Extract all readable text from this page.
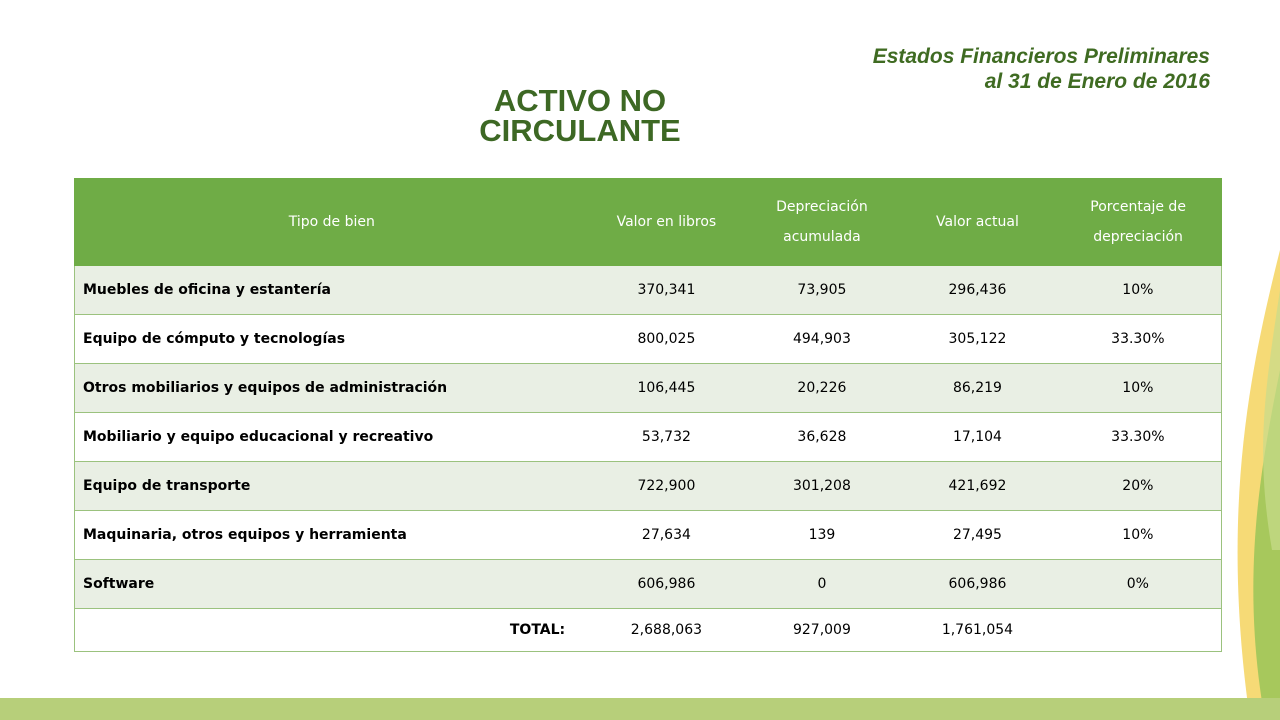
Estados Financieros Preliminares
al 31 de Enero de 2016
ACTIVO NO
CIRCULANTE
Tipo de bien	Valor en libros	Depreciación acumulada	Valor actual	Porcentaje de depreciación
Muebles de oficina y estantería	370,341	73,905	296,436	10%
Equipo de cómputo y tecnologías	800,025	494,903	305,122	33.30%
Otros mobiliarios y equipos de administración	106,445	20,226	86,219	10%
Mobiliario y equipo educacional y recreativo	53,732	36,628	17,104	33.30%
Equipo de transporte	722,900	301,208	421,692	20%
Maquinaria, otros equipos y herramienta	27,634	139	27,495	10%
Software	606,986	0	606,986	0%
TOTAL:	2,688,063	927,009	1,761,054	
